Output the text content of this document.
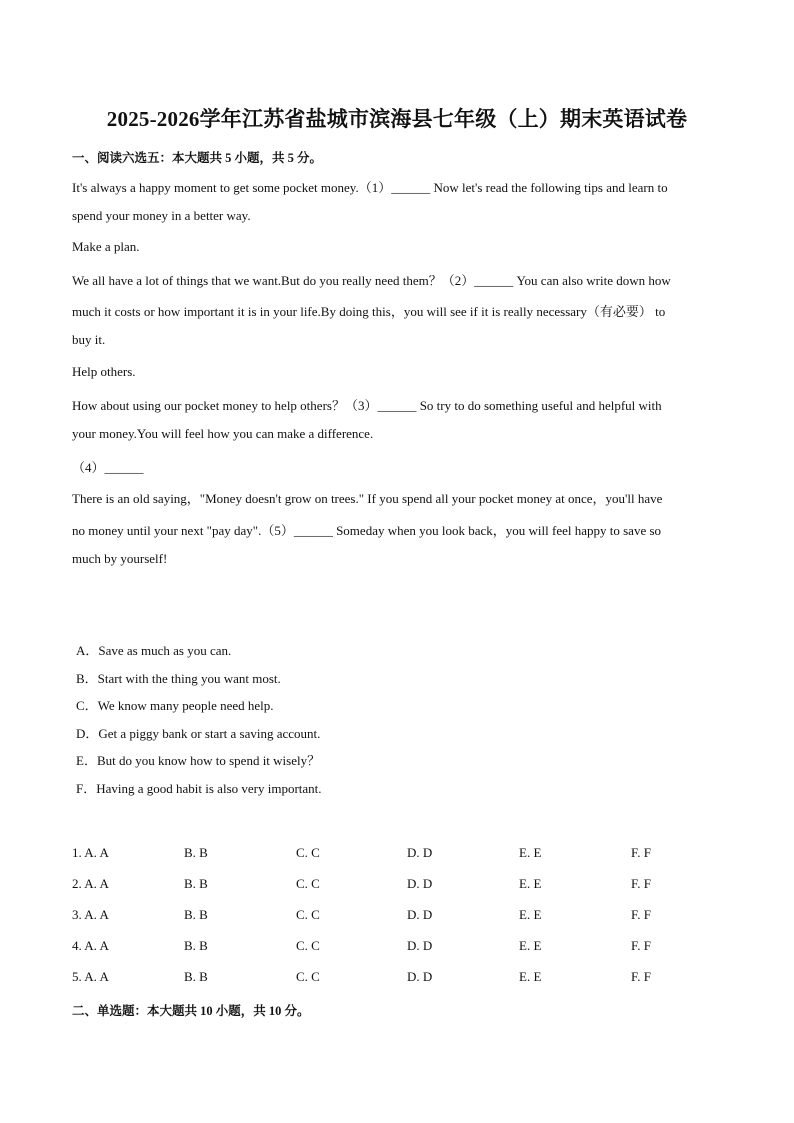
2025-2026学年江苏省盐城市滨海县七年级（上）期末英语试卷
一、阅读六选五：本大题共 5 小题，共 5 分。
It's always a happy moment to get some pocket money.（1）______ Now let's read the following tips and learn to
spend your money in a better way.
Make a plan.
We all have a lot of things that we want.But do you really need them？（2）______ You can also write down how
much it costs or how important it is in your life.By doing this，you will see if it is really necessary（有必要） to
buy it.
Help others.
How about using our pocket money to help others？（3）______ So try to do something useful and helpful with
your money.You will feel how you can make a difference.
（4）______
There is an old saying，"Money doesn't grow on trees." If you spend all your pocket money at once，you'll have
no money until your next "pay day".（5）______ Someday when you look back，you will feel happy to save so
much by yourself!
A．Save as much as you can.
B．Start with the thing you want most.
C．We know many people need help.
D．Get a piggy bank or start a saving account.
E．But do you know how to spend it wisely？
F．Having a good habit is also very important.
1. A. A	B. B	C. C	D. D	E. E	F. F
2. A. A	B. B	C. C	D. D	E. E	F. F
3. A. A	B. B	C. C	D. D	E. E	F. F
4. A. A	B. B	C. C	D. D	E. E	F. F
5. A. A	B. B	C. C	D. D	E. E	F. F
二、单选题：本大题共 10 小题，共 10 分。
